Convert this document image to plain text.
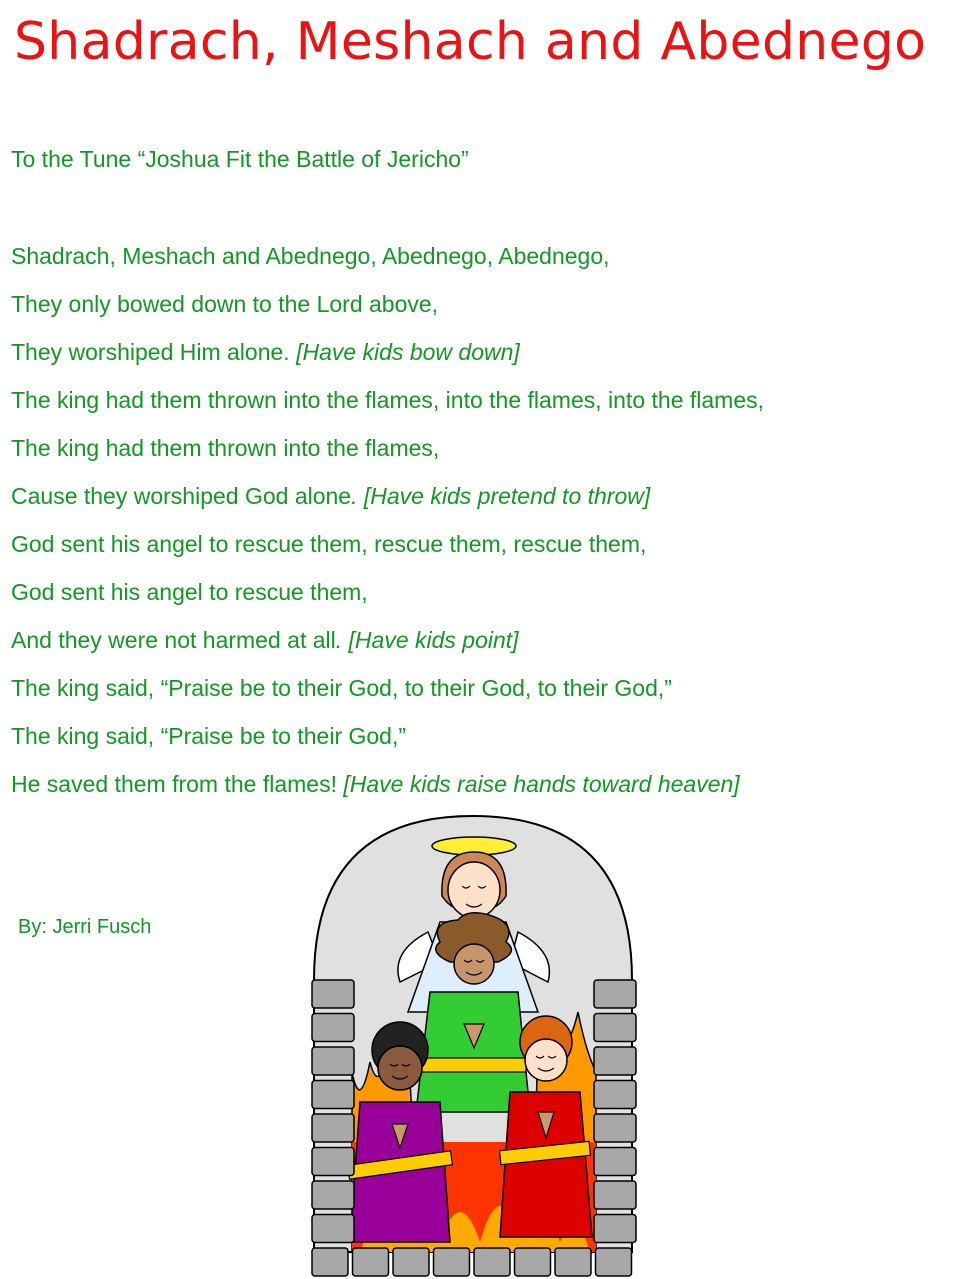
Shadrach, Meshach and Abednego
To the Tune “Joshua Fit the Battle of Jericho”
Shadrach, Meshach and Abednego, Abednego, Abednego,
They only bowed down to the Lord above,
They worshiped Him alone. [Have kids bow down]
The king had them thrown into the flames, into the flames, into the flames,
The king had them thrown into the flames,
Cause they worshiped God alone. [Have kids pretend to throw]
God sent his angel to rescue them, rescue them, rescue them,
God sent his angel to rescue them,
And they were not harmed at all. [Have kids point]
The king said, “Praise be to their God, to their God, to their God,”
The king said, “Praise be to their God,”
He saved them from the flames! [Have kids raise hands toward heaven]
By: Jerri Fusch
